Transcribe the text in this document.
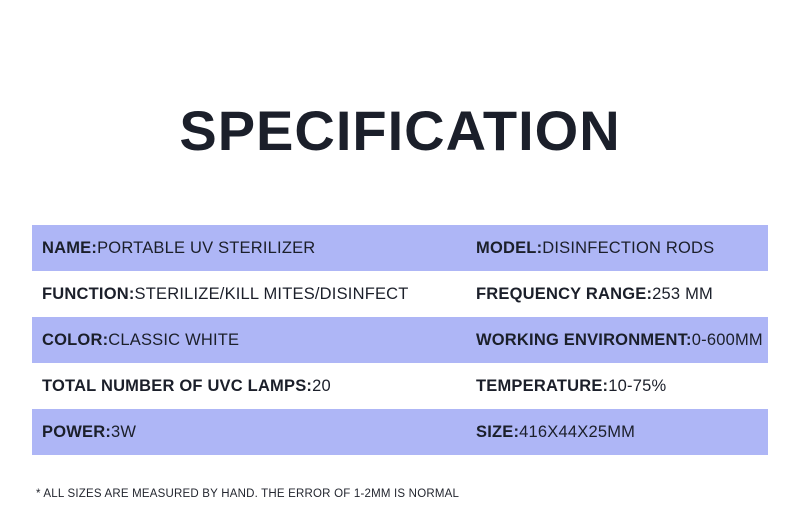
SPECIFICATION
NAME: PORTABLE UV STERILIZER	MODEL: DISINFECTION RODS
FUNCTION: STERILIZE/KILL MITES/DISINFECT	FREQUENCY RANGE: 253 MM
COLOR: CLASSIC WHITE	WORKING ENVIRONMENT: 0-600MM
TOTAL NUMBER OF UVC LAMPS: 20	TEMPERATURE: 10-75%
POWER: 3W	SIZE: 416X44X25MM
* ALL SIZES ARE MEASURED BY HAND. THE ERROR OF 1-2MM IS NORMAL
